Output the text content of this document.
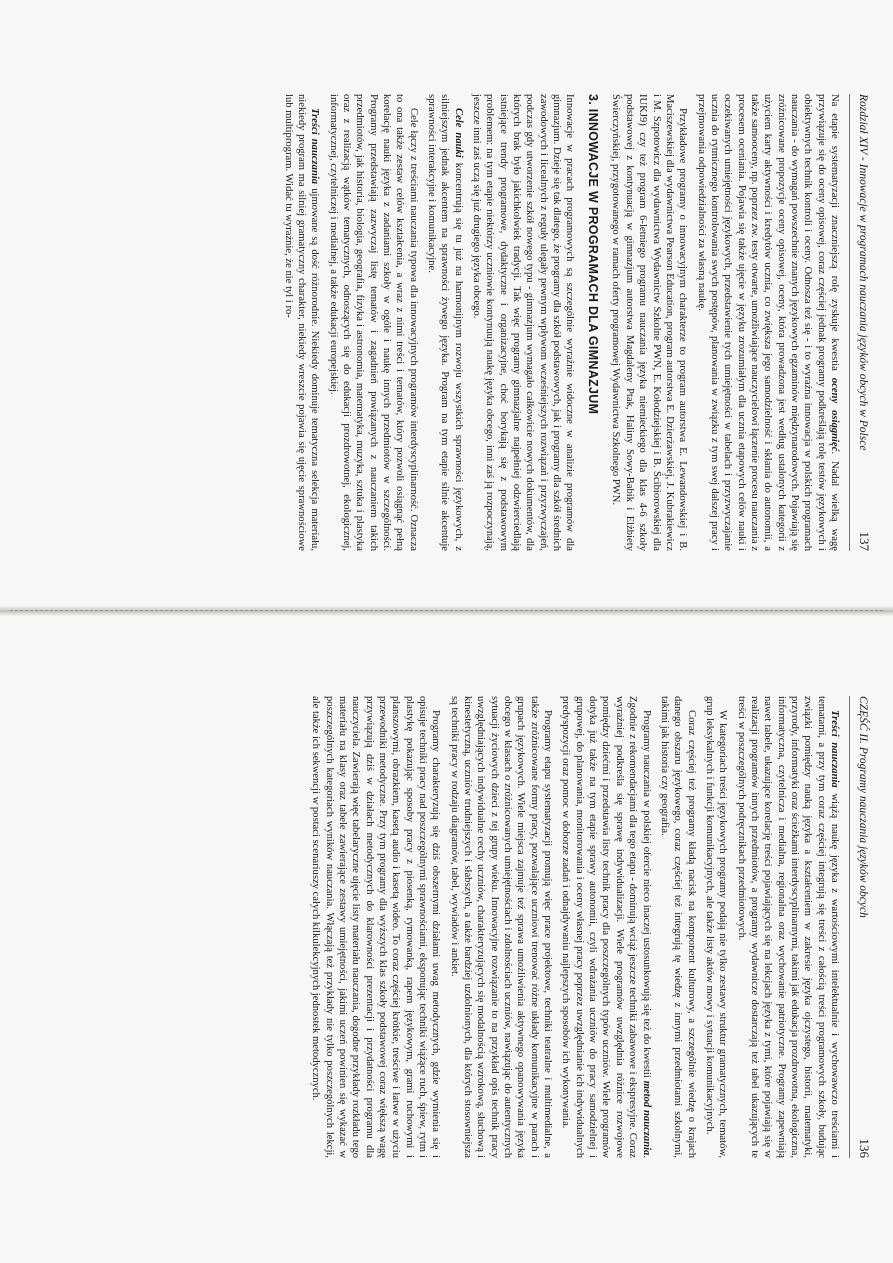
Rozdział XIV - Innowacje w programach nauczania języków obcych w Polsce
137

Na etapie systematyzacji znaczniejszą rolę zyskuje kwestia oceny osiągnięć. Nadal wielką wagę przywiązuje się do oceny opisowej, coraz częściej jednak programy podkreślają rolę testów językowych i obiektywnych technik kontroli i oceny. Odnosza też się - i to wyraźna innowacja w polskich programach nauczania - do wymagań powszechnie znanych językowych egzaminów międzynarodowych. Pojawiają się zróżnicowane propozycje oceny opisowej, oceny, która prowadzona jest według ustalonych kategorii z użyciem karty aktywności i kredytów ucznia, co zwiększa jego samodzielność i skłania do autonomii, a także samooceny, np. poprzez zw. testy otwarte, umożliwiające nauczycielowi łączenie procesu nauczania z procesem oceniania. Pojawia się także ujęcie w języku zrozumiałym dla ucznia etapowych celów nauki i oczekiwanych umiejętności językowych, przedstawienie tych umiejętności w tabelach i przyzwyczajanie ucznia do rytmicznego kontrolowania swych postępów, planowania w związku z tym swej dalszej pracy i przejmowania odpowiedzialności za własną naukę.

Przykładowe programy o innowacyjnym charakterze to program autorstwa E. Lewandowskiej i B. Maciszewskiej dla wydawnictwa Pearson Education, program autorstwa E. Dzierżawskiej, J. Kubrakiewicz i M. Szpotowicz dla wydawnictwa Wydawnictw Szkolne PWN, E. Kołodziejskiej i B. Ścibiorowskiej dla IUKJ9) czy też program 6-letniego programu nauczania języka niemieckiego dla klas 4-6 szkoły podstawowej z kontynuacją w gimnazjum autorstwa Magdaleny Ptak, Haliny Sowy-Babik i Elżbiety Świerczyńskiej, przygotowanego w ramach oferty programowej Wydawnictwa Szkolnego PWN.

3. INNOWACJE W PROGRAMACH DLA GIMNAZJUM

Innowacje w pracach programowych są szczególnie wyraźnie widoczne w analizie programów dla gimnazjum. Dzieje się tak dlatego, że programy dla szkół podstawowych, jak i programy dla szkół średnich zawodowych i licealnych z reguły ulegały pewnym wpływom wcześniejszych rozwiązań i przyzwyczajeń, podczas gdy utworzenie szkół nowego typu - gimnazjum wymagało całkowicie nowych dokumentów, dla których brak było jakichkolwiek tradycji. Tak więc programy gimnazjalne najpełniej odzwierciedlają istniejące trendy programowe, dydaktyczne i organizacyjne, choć borykają się z podstawowym problemem: na tym etapie niektórzy uczniowie kontynuują naukę języka obcego, inni zaś ją rozpoczynają, jeszcze inni zaś uczą się już drugiego języka obcego.

Cele nauki koncentrują się tu już na harmonijnym rozwoju wszystkich sprawności językowych, z silniejszym jednak akcentem na sprawności żywego języka. Program na tym etapie silnie akcentuje sprawności interakcyjne i komunikacyjne.

Cele łączy z treściami nauczania typowa dla innowacyjnych programów interdyscyplinarność. Oznacza to ona także zestaw celów kształcenia, a wraz z nimi treści i tematów, który pozwoli osiągnąć pełną korelację nauki języka z zadaniami szkoły w ogóle i naukę innych przedmiotów w szczególności. Programy przedstawiają zazwyczaj listę tematów i zagadnień powiązanych z nauczaniem takich przedmiotów, jak historia, biologia, geografia, fizyka i astronomia, matematyka, muzyka, sztuka i plastyka oraz z realizacją wątków tematycznych, odnoszących się do edukacji prozdrowotnej, ekologicznej, informatycznej, czytelniczej i medialnej, a także edukacji europejskiej.

Treści nauczania ujmowane są dość różnorodnie. Niekiedy dominuje tematyczna selekcja materiału, niekiedy program ma silniej gramatyczny charakter, niekiedy wreszcie pojawia się ujęcie sprawnościowe lub multiprogram. Widać tu wyraźnie, że nie tyl i ro-

CZĘŚĆ II. Programy nauczania języków obcych
136

Treści nauczania wiążą naukę języka z wartościowymi intelektualnie i wychowawczo treściami i tematami, a przy tym coraz częściej integrują się treści z całością treści programowych szkoły, budując związki pomiędzy nauką języka a kształceniem w zakresie języka ojczystego, historii, matematyki, przyrody, informatyki oraz ścieżkami interdyscyplinarnymi, takimi jak edukacja prozdrowotna, ekologiczna, informatyczna, czytelnicza i medialna, regionalna oraz wychowanie patriotyczne. Programy zapewniają nawet tabele, ukazujące korelację treści pojawiających się na lekcjach języka z tymi, które pojawiają się w realizacji programów innych przedmiotów, a programy wydawnicze dostarczają też tabel ukazujących te treści w poszczególnych podręcznikach przedmiotowych.

W kategoriach treści językowych programy podają nie tylko zestawy struktur gramatycznych, tematów, grup leksykalnych i funkcji komunikacyjnych, ale także listy aktów mowy i sytuacji komunikacyjnych.

Coraz częściej też programy kładą nacisk na komponent kulturowy, a szczególnie wiedzę o krajach danego obszaru językowego, coraz częściej też integrują tę wiedzę z innymi przedmiotami szkolnymi, takimi jak historia czy geografia.

Programy nauczania w polskiej ofercie nieco inaczej ustosunkowują się też do kwestii metod nauczania. Zgodnie z rekomendacjami dla tego etapu - dominują wciąż jeszcze techniki zabawowe i ekspresyjne. Coraz wyraźniej podkreśla się sprawę indywidualizacji. Wiele programów uwzględnia różnice rozwojowe pomiędzy dziećmi i przedstawia listy technik pracy dla poszczególnych typów uczniów. Wiele programów dotyka już także na tym etapie sprawy autonomii, czyli wdrażania uczniów do pracy samodzielnej i grupowej, do planowania, monitorowania i oceny własnej pracy poprzez uwzględnianie ich indywidualnych predyspozycji oraz pomoc w doborze zadań i odnajdywaniu najlepszych sposobów ich wykonywania.

Programy etapu systematyzacji promują więc prace projektowe, techniki teatralne i multimedialne, a także zróżnicowane formy pracy, pozwalające uczniowi trenować różne układy komunikacyjne w parach i grupach językowych. Wiele miejsca zajmuje też sprawa umożliwienia aktywnego opanowywania języka obcego w klasach o zróżnicowanych umiejętnościach i zdolnościach uczniów, nawiązując do autentycznych sytuacji życiowych dzieci z tej grupy wieku. Innowacyjne rozwiązanie to na przykład opis technik pracy uwzględniających indywidualne cechy uczniów, charakteryzujących się modalnością wzrokową, słuchową i kinestetyczną, uczniów trudniejszych i słabszych, a także bardziej uzdolnionych, dla których stosowniejsza są techniki pracy w rodzaju diagramów, tabel, wywiadów i ankiet.

Programy charakteryzują się dziś obszernymi działami uwag metodycznych, gdzie wymienia się i opisuje techniki pracy nad poszczególnymi sprawnościami, eksponując techniki wiążące ruch, śpiew, rytm i plastykę pokazując sposoby pracy z piosenką, rymowanką, rapem językowym, grami ruchowymi i planszowymi, obrazkiem, kasetą audio i kasetą wideo. To coraz częściej krótkie, treściwe i łatwe w użyciu przewodniki metodyczne. Przy tym programy dla wyższych klas szkoły podstawowej coraz większą wagę przywiązują dziś w działach metodycznych do klarowności prezentacji i przydatności programu dla nauczyciela. Zawierają więc tabelaryczne ujęcie listy materiału nauczania, dogodne przykłady rozkładu tego materiału na klasy oraz tabele zawierające zestawy umiejętności, jakimi uczeń powinien się wykazać w poszczególnych kategoriach wyników nauczania. Włączają też przykłady nie tylko poszczególnych lekcji, ale także ich sekwencji w postaci scenariuszy całych kilkulekcyjnych jednostek metodycznych.
